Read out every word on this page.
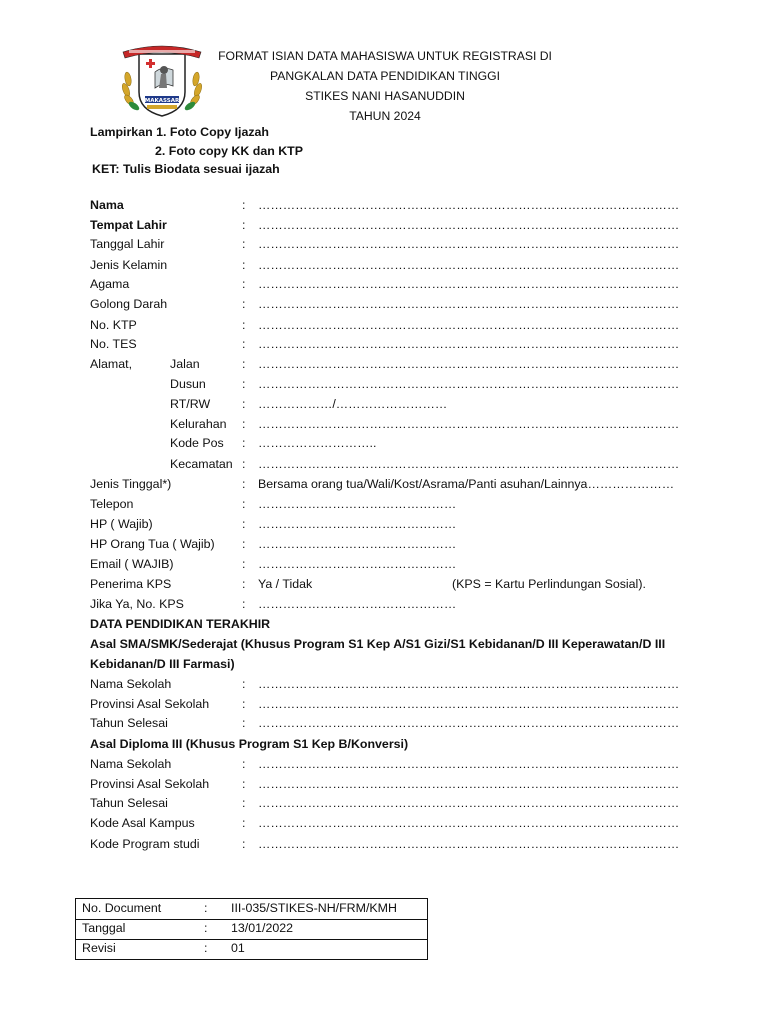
MAKASSAR
FORMAT ISIAN DATA MAHASISWA UNTUK REGISTRASI DI
PANGKALAN DATA PENDIDIKAN TINGGI
STIKES NANI HASANUDDIN
TAHUN 2024
Lampirkan 1. Foto Copy Ijazah
2. Foto copy KK dan KTP
KET: Tulis Biodata sesuai ijazah
Nama	: …………………………………………………………………………………………
Tempat Lahir	: …………………………………………………………………………………………
Tanggal Lahir	: …………………………………………………………………………………………
Jenis Kelamin	: …………………………………………………………………………………………
Agama	: …………………………………………………………………………………………
Golong Darah	: …………………………………………………………………………………………
No. KTP	: …………………………………………………………………………………………
No. TES	: …………………………………………………………………………………………
Alamat,	Jalan	: …………………………………………………………………………………………
Dusun	: …………………………………………………………………………………………
RT/RW	: ………………/………………………
Kelurahan : …………………………………………………………………………………………
Kode Pos : ………………………..
Kecamatan : …………………………………………………………………………………………
Jenis Tinggal*)	: Bersama orang tua/Wali/Kost/Asrama/Panti asuhan/Lainnya…………………
Telepon	: …………………………………………
HP ( Wajib)	: …………………………………………
HP Orang Tua ( Wajib) : …………………………………………
Email ( WAJIB)	: …………………………………………
Penerima KPS	: Ya / Tidak	(KPS = Kartu Perlindungan Sosial).
Jika Ya, No. KPS	: …………………………………………
DATA PENDIDIKAN TERAKHIR
Asal SMA/SMK/Sederajat (Khusus Program S1 Kep A/S1 Gizi/S1 Kebidanan/D III Keperawatan/D III Kebidanan/D III Farmasi)
Nama Sekolah	: …………………………………………………………………………………………
Provinsi Asal Sekolah	: …………………………………………………………………………………………
Tahun Selesai	: …………………………………………………………………………………………
Asal Diploma III (Khusus Program S1 Kep B/Konversi)
Nama Sekolah	: …………………………………………………………………………………………
Provinsi Asal Sekolah	: …………………………………………………………………………………………
Tahun Selesai	: …………………………………………………………………………………………
Kode Asal Kampus	: …………………………………………………………………………………………
Kode Program studi	: …………………………………………………………………………………………
No. Document	: III-035/STIKES-NH/FRM/KMH
Tanggal	: 13/01/2022
Revisi	: 01
